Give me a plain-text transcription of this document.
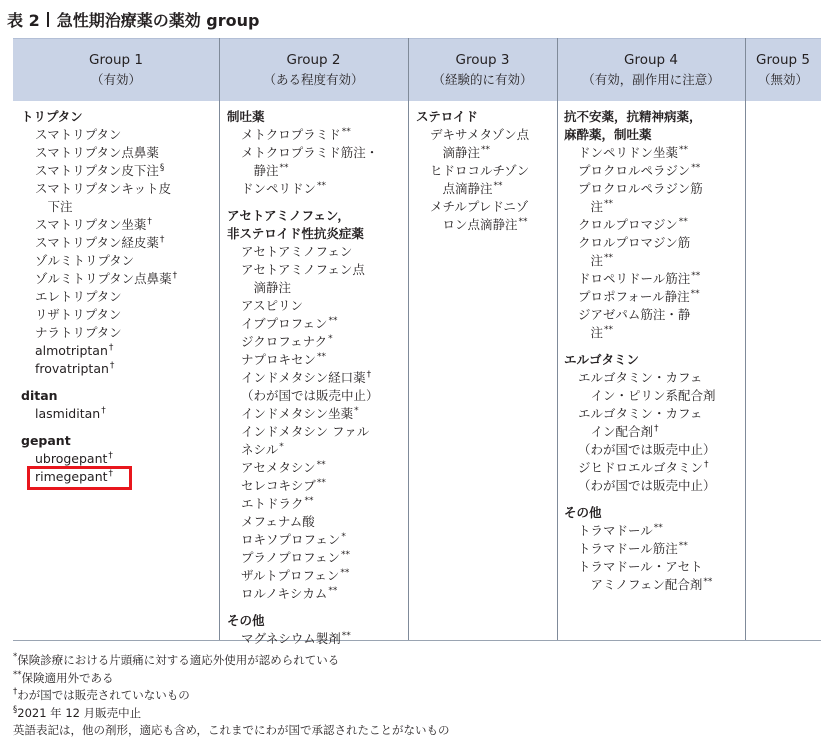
表 2 急性期治療薬の薬効 group
Group 1
（有効）
Group 2
（ある程度有効）
Group 3
（経験的に有効）
Group 4
（有効，副作用に注意）
Group 5
（無効）
トリプタン
スマトリプタン
スマトリプタン点鼻薬
スマトリプタン皮下注§
スマトリプタンキット皮
　下注
スマトリプタン坐薬†
スマトリプタン経皮薬†
ゾルミトリプタン
ゾルミトリプタン点鼻薬†
エレトリプタン
リザトリプタン
ナラトリプタン
almotriptan†
frovatriptan†
ditan
lasmiditan†
gepant
ubrogepant†
rimegepant†
制吐薬
メトクロプラミド**
メトクロプラミド筋注・
　静注**
ドンペリドン**
アセトアミノフェン，
非ステロイド性抗炎症薬
アセトアミノフェン
アセトアミノフェン点
　滴静注
アスピリン
イブプロフェン**
ジクロフェナク*
ナプロキセン**
インドメタシン経口薬†
（わが国では販売中止）
インドメタシン坐薬*
インドメタシン ファル
ネシル*
アセメタシン**
セレコキシブ**
エトドラク**
メフェナム酸
ロキソプロフェン*
プラノプロフェン**
ザルトプロフェン**
ロルノキシカム**
その他
マグネシウム製剤**
ステロイド
デキサメタゾン点
　滴静注**
ヒドロコルチゾン
　点滴静注**
メチルプレドニゾ
　ロン点滴静注**
抗不安薬，抗精神病薬，
麻酔薬，制吐薬
ドンペリドン坐薬**
プロクロルペラジン**
プロクロルペラジン筋
　注**
クロルプロマジン**
クロルプロマジン筋
　注**
ドロペリドール筋注**
プロポフォール静注**
ジアゼパム筋注・静
　注**
エルゴタミン
エルゴタミン・カフェ
　イン・ピリン系配合剤
エルゴタミン・カフェ
　イン配合剤†
（わが国では販売中止）
ジヒドロエルゴタミン†
（わが国では販売中止）
その他
トラマドール**
トラマドール筋注**
トラマドール・アセト
　アミノフェン配合剤**
*保険診療における片頭痛に対する適応外使用が認められている
**保険適用外である
†わが国では販売されていないもの
§2021 年 12 月販売中止
英語表記は，他の剤形，適応も含め，これまでにわが国で承認されたことがないもの
